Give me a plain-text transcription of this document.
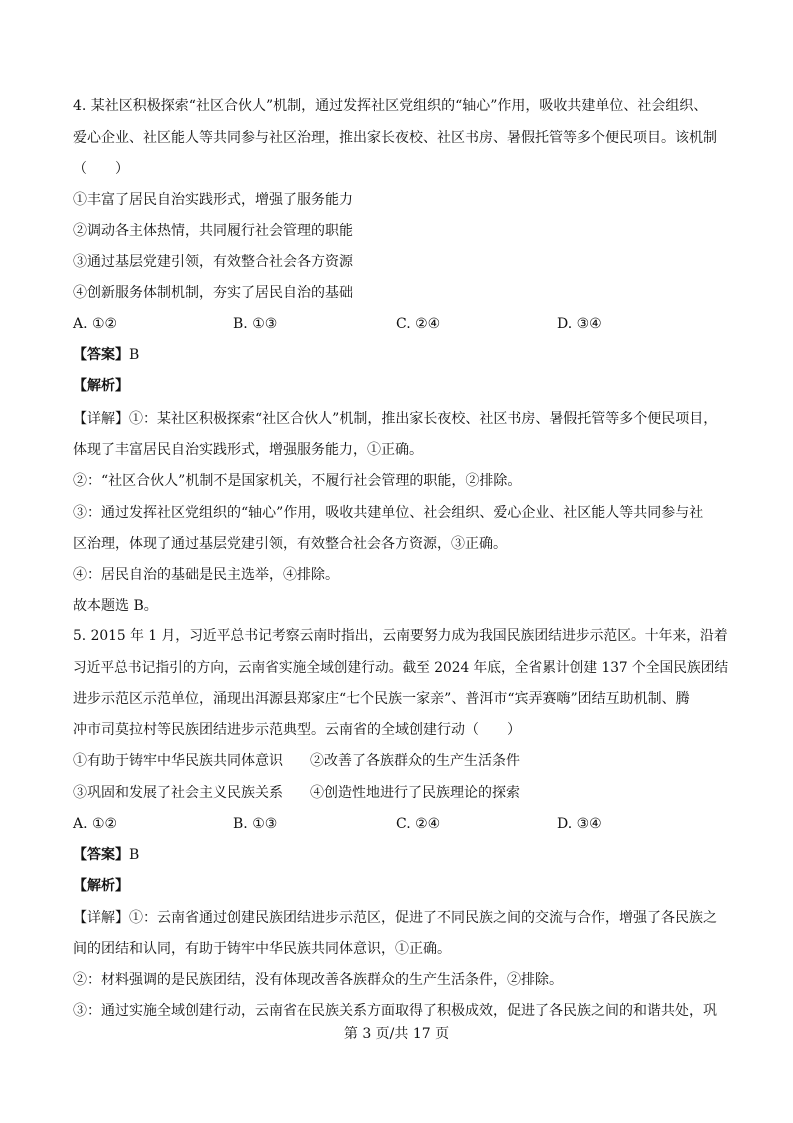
4. 某社区积极探索“社区合伙人”机制，通过发挥社区党组织的“轴心”作用，吸收共建单位、社会组织、
爱心企业、社区能人等共同参与社区治理，推出家长夜校、社区书房、暑假托管等多个便民项目。该机制
（　　）
①丰富了居民自治实践形式，增强了服务能力
②调动各主体热情，共同履行社会管理的职能
③通过基层党建引领，有效整合社会各方资源
④创新服务体制机制，夯实了居民自治的基础
A. ①②	B. ①③	C. ②④	D. ③④
【答案】B
【解析】
【详解】①：某社区积极探索“社区合伙人”机制，推出家长夜校、社区书房、暑假托管等多个便民项目，
体现了丰富居民自治实践形式，增强服务能力，①正确。
②：“社区合伙人”机制不是国家机关，不履行社会管理的职能，②排除。
③：通过发挥社区党组织的“轴心”作用，吸收共建单位、社会组织、爱心企业、社区能人等共同参与社
区治理，体现了通过基层党建引领，有效整合社会各方资源，③正确。
④：居民自治的基础是民主选举，④排除。
故本题选 B。
5. 2015 年 1 月，习近平总书记考察云南时指出，云南要努力成为我国民族团结进步示范区。十年来，沿着
习近平总书记指引的方向，云南省实施全域创建行动。截至 2024 年底，全省累计创建 137 个全国民族团结
进步示范区示范单位，涌现出洱源县郑家庄“七个民族一家亲”、普洱市“宾弄赛嗨”团结互助机制、腾
冲市司莫拉村等民族团结进步示范典型。云南省的全域创建行动（　　）
①有助于铸牢中华民族共同体意识 ②改善了各族群众的生产生活条件
③巩固和发展了社会主义民族关系 ④创造性地进行了民族理论的探索
A. ①②	B. ①③	C. ②④	D. ③④
【答案】B
【解析】
【详解】①：云南省通过创建民族团结进步示范区，促进了不同民族之间的交流与合作，增强了各民族之
间的团结和认同，有助于铸牢中华民族共同体意识，①正确。
②：材料强调的是民族团结，没有体现改善各族群众的生产生活条件，②排除。
③：通过实施全域创建行动，云南省在民族关系方面取得了积极成效，促进了各民族之间的和谐共处，巩
第 3 页/共 17 页
